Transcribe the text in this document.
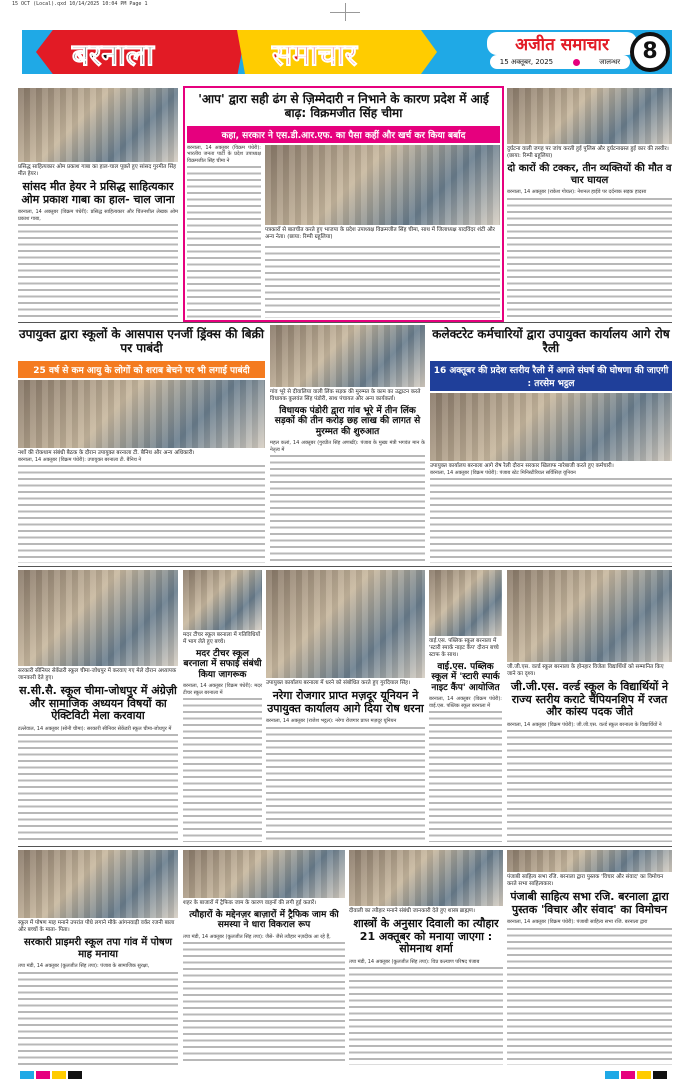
15 OCT (Local).qxd 10/14/2025 10:04 PM Page 1
बरनाला	समाचार	अजीत समाचार
15 अक्तूबर, 2025	जालन्धर	8
प्रसिद्ध साहित्यकार ओम प्रकाश गाबा का हाल-चाल पूछते हुए सांसद गुरमीत सिंह मीत हेयर।
सांसद मीत हेयर ने प्रसिद्ध साहित्यकार ओम प्रकाश गाबा का हाल- चाल जाना
बरनाला, 14 अक्तूबर (विक्रम पंधेरी): प्रसिद्ध साहित्यकार और चिंतनशील लेखक ओम प्रकाश गाबा,
'आप' द्वारा सही ढंग से ज़िम्मेदारी न निभाने के कारण प्रदेश में आई बाढ़: विक्रमजीत सिंह चीमा
कहा, सरकार ने एस.डी.आर.एफ. का पैसा कहीं और खर्च कर किया बर्बाद
बरनाला, 14 अक्तूबर (विक्रम पंधेरी): भारतीय जनता पार्टी के प्रदेश उपाध्यक्ष विक्रमजीत सिंह चीमा ने
पत्रकारों से बातचीत करते हुए भाजपा के प्रदेश उपाध्यक्ष विक्रमजीत सिंह चीमा, साथ में जिलाध्यक्ष यादविंदर शंटी और अन्य नेता। (छाया: रिम्पी ग्रहूलिया)
दुर्घटना वाली जगह पर जांच करती हुई पुलिस और दुर्घटनाग्रस्त हुई कार की तस्वीर। (छाया: रिम्पी ग्रहूलिया)
दो कारों की टक्कर, तीन व्यक्तियों की मौत व चार घायल
बरनाला, 14 अक्तूबर (राकेश गोयल): नेशनल हाईवे पर दर्दनाक सड़क हादसा
उपायुक्त द्वारा स्कूलों के आसपास एनर्जी ड्रिंक्स की बिक्री पर पाबंदी
25 वर्ष से कम आयु के लोगों को शराब बेचने पर भी लगाई पाबंदी
नशों की रोकथाम संबंधी बैठक के दौरान उपायुक्त बरनाला टी. बैनिथ और अन्य अधिकारी।
बरनाला, 14 अक्तूबर (विक्रम पंधेरी): उपायुक्त बरनाला टी. बैनिथ ने
गांव भूरे से दीवालिया वाली लिंक सड़क की मुरम्मत के काम का उद्घाटन करते विधायक कुलवंत सिंह पंडोरी, साथ पंचायत और अन्य कार्यकर्ता।
विधायक पंडोरी द्वारा गांव भूरे में तीन लिंक सड़कों की तीन करोड़ छह लाख की लागत से मुरम्मत की शुरुआत
महल कलां, 14 अक्तूबर (गुरप्रीत सिंह अणखी): पंजाब के मुख्य मंत्री भगवंत मान के नेतृत्व में
कलेक्टरेट कर्मचारियों द्वारा उपायुक्त कार्यालय आगे रोष रैली
16 अक्तूबर की प्रदेश स्तरीय रैली में अगले संघर्ष की घोषणा की जाएगी : तरसेम भट्ठल
उपायुक्त कार्यालय बरनाला आगे रोष रैली दौरान सरकार खिलाफ नारेबाजी करते हुए कर्मचारी।
बरनाला, 14 अक्तूबर (विक्रम पंधेरी): पंजाब स्टेट मिनिस्टीरियल सर्विसिज़ यूनियन
सरकारी सीनियर सेकेंडरी स्कूल चीमा-जोधपुर में करवाए गए मेले दौरान अध्यापक जानकारी देते हुए।
स.सी.सै. स्कूल चीमा-जोधपुर में अंग्रेज़ी और सामाजिक अध्ययन विषयों का ऐक्टिविटी मेला करवाया
टल्लेवाल, 14 अक्तूबर (सोनी चीमा): सरकारी सीनियर सेकेंडरी स्कूल चीमा-जोधपुर में
मदर टीचर स्कूल बरनाला में गतिविधियों में भाग लेते हुए बच्चे।
मदर टीचर स्कूल बरनाला में सफाई संबंधी किया जागरूक
बरनाला, 14 अक्तूबर (विक्रम पंधेरी): मदर टीचर स्कूल बरनाला में
उपायुक्त कार्यालय बरनाला में धरने को संबोधित करते हुए गुरदियाल सिंह।
नरेगा रोजगार प्राप्त मज़दूर यूनियन ने उपायुक्त कार्यालय आगे दिया रोष धरना
बरनाला, 14 अक्तूबर (राजेश भट्ठल): नरेगा रोजगार प्राप्त मज़दूर यूनियन
वाई.एस. पब्लिक स्कूल बरनाला में 'स्टारी स्पार्क नाइट कैंप' दौरान बच्चे स्टाफ के साथ।
वाई.एस. पब्लिक स्कूल में 'स्टारी स्पार्क नाइट कैंप' आयोजित
बरनाला, 14 अक्तूबर (विक्रम पंधेरी): वाई.एस. पब्लिक स्कूल बरनाला में
जी.जी.एस. वर्ल्ड स्कूल बरनाला के होनहार विजेता विद्यार्थियों को सम्मानित किए जाने का दृश्य।
जी.जी.एस. वर्ल्ड स्कूल के विद्यार्थियों ने राज्य स्तरीय कराटे चैंपियनशिप में रजत और कांस्य पदक जीते
बरनाला, 14 अक्तूबर (विक्रम पंधेरी): जी.जी.एस. वर्ल्ड स्कूल बरनाला के विद्यार्थियों ने
स्कूल में पोषण माह मनाने उपरांत पौधे लगाने मौके आंगनवाड़ी वर्कर रजनी बाला और बच्चों के माता- पिता।
सरकारी प्राइमरी स्कूल तपा गांव में पोषण माह मनाया
तपा मंडी, 14 अक्तूबर (कुलजीत सिंह तपा): पंजाब के सामाजिक सुरक्षा,
शहर के बाजारों में ट्रैफिक जाम के कारण वाहनों की लगी हुई कतारें।
त्यौहारों के मद्देनज़र बाज़ारों में ट्रैफिक जाम की समस्या ने धारा विकराल रूप
तपा मंडी, 14 अक्तूबर (कुलजीत सिंह तपा): जैसे- जैसे त्यौहार नज़दीक आ रहे हैं,
दीवाली का त्यौहार मनाने संबंधी जानकारी देते हुए शास्त्र ब्राह्मण।
शास्त्रों के अनुसार दिवाली का त्यौहार 21 अक्तूबर को मनाया जाएगा : सोमनाथ शर्मा
तपा मंडी, 14 अक्तूबर (कुलजीत सिंह तपा): विप्र कल्याण परिषद पंजाब
पंजाबी साहित्य सभा रजि. बरनाला द्वारा पुस्तक 'विचार और संवाद' का विमोचन करते सभा साहित्यकार।
पंजाबी साहित्य सभा रजि. बरनाला द्वारा पुस्तक 'विचार और संवाद' का विमोचन
बरनाला, 14 अक्तूबर (विक्रम पंधेरी): पंजाबी साहित्य सभा रजि. बरनाला द्वारा
